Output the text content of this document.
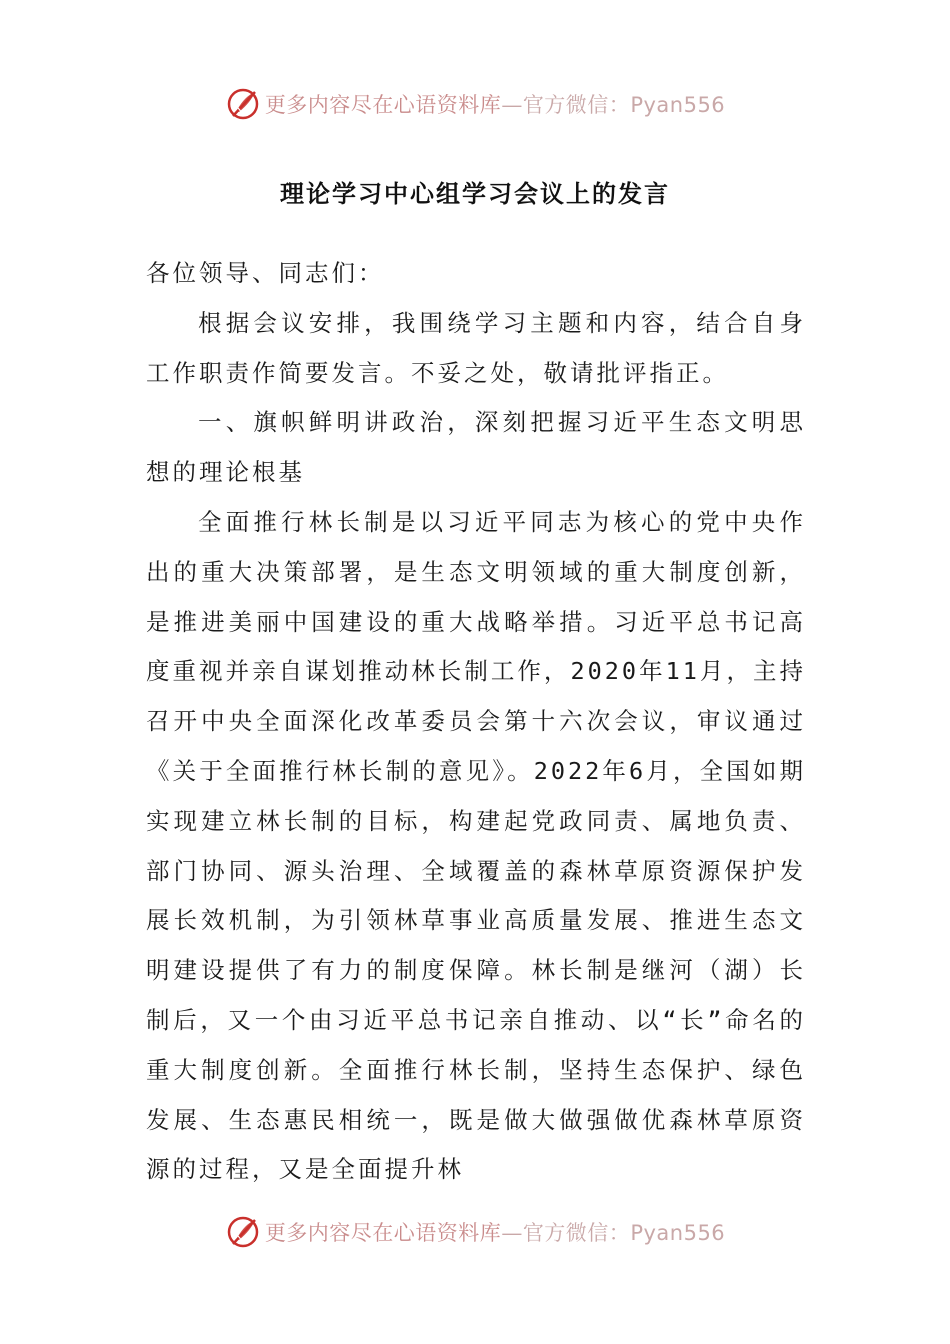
更多内容尽在心语资料库—官方微信：Pyan556
理论学习中心组学习会议上的发言

各位领导、同志们：

根据会议安排，我围绕学习主题和内容，结合自身工作职责作简要发言。不妥之处，敬请批评指正。

一、旗帜鲜明讲政治，深刻把握习近平生态文明思想的理论根基

全面推行林长制是以习近平同志为核心的党中央作出的重大决策部署，是生态文明领域的重大制度创新，是推进美丽中国建设的重大战略举措。习近平总书记高度重视并亲自谋划推动林长制工作，2020年11月，主持召开中央全面深化改革委员会第十六次会议，审议通过《关于全面推行林长制的意见》。2022年6月，全国如期实现建立林长制的目标，构建起党政同责、属地负责、部门协同、源头治理、全域覆盖的森林草原资源保护发展长效机制，为引领林草事业高质量发展、推进生态文明建设提供了有力的制度保障。林长制是继河（湖）长制后，又一个由习近平总书记亲自推动、以“长”命名的重大制度创新。全面推行林长制，坚持生态保护、绿色发展、生态惠民相统一，既是做大做强做优森林草原资源的过程，又是全面提升林

更多内容尽在心语资料库—官方微信：Pyan556
